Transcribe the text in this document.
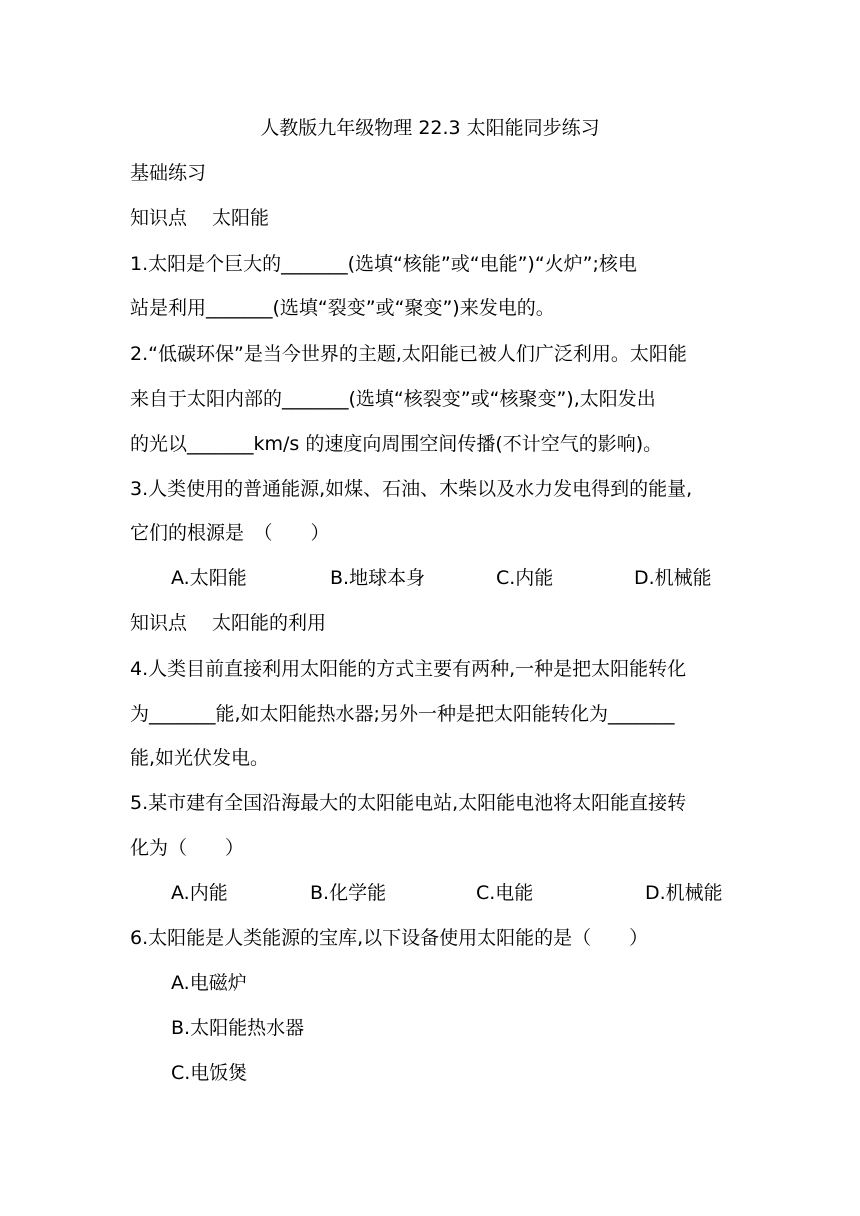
人教版九年级物理 22.3 太阳能同步练习
基础练习
知识点　 太阳能
1.太阳是个巨大的_______(选填“核能”或“电能”)“火炉”;核电
站是利用_______(选填“裂变”或“聚变”)来发电的。
2.“低碳环保”是当今世界的主题,太阳能已被人们广泛利用。太阳能
来自于太阳内部的_______(选填“核裂变”或“核聚变”),太阳发出
的光以_______km/s 的速度向周围空间传播(不计空气的影响)。
3.人类使用的普通能源,如煤、石油、木柴以及水力发电得到的能量,
它们的根源是　（　　）
A.太阳能	B.地球本身	C.内能	D.机械能
知识点　 太阳能的利用
4.人类目前直接利用太阳能的方式主要有两种,一种是把太阳能转化
为_______能,如太阳能热水器;另外一种是把太阳能转化为_______
能,如光伏发电。
5.某市建有全国沿海最大的太阳能电站,太阳能电池将太阳能直接转
化为（　　）
A.内能	B.化学能	C.电能	D.机械能
6.太阳能是人类能源的宝库,以下设备使用太阳能的是（　　）
A.电磁炉
B.太阳能热水器
C.电饭煲
